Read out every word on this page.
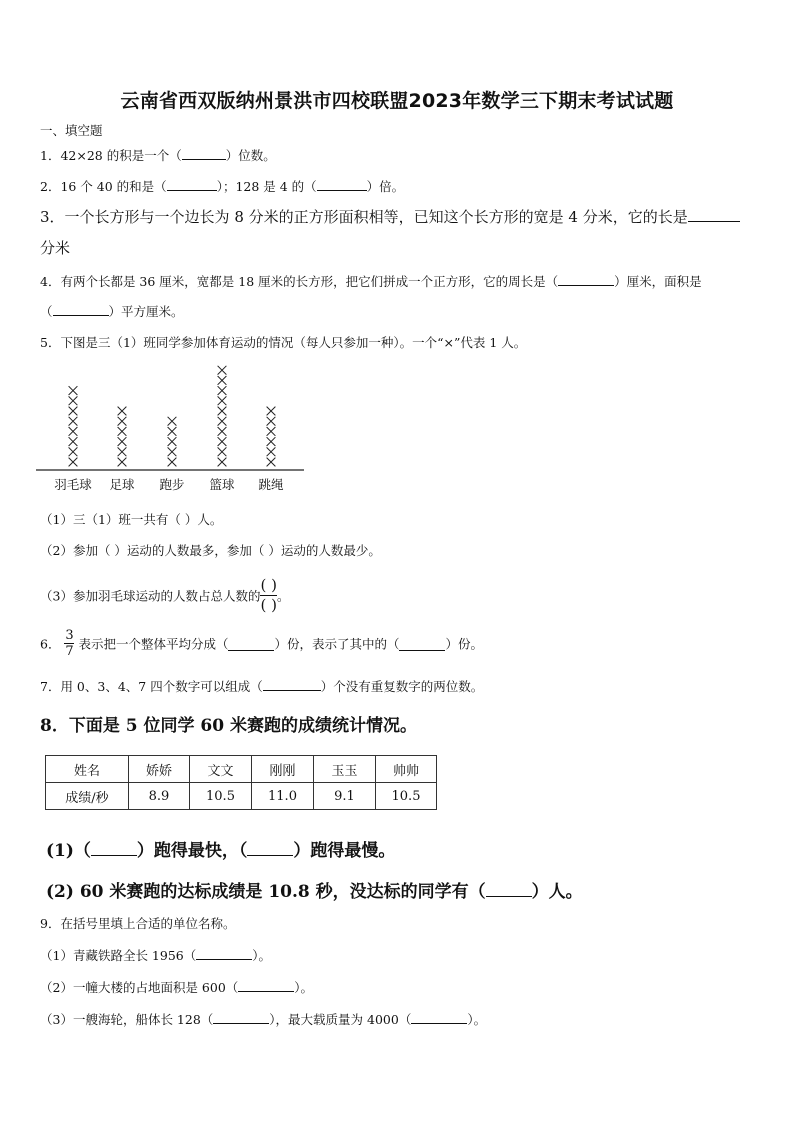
云南省西双版纳州景洪市四校联盟2023年数学三下期末考试试题
一、填空题
1．42×28 的积是一个（	）位数。
2．16 个 40 的和是（	）；128 是 4 的（	）倍。
3．一个长方形与一个边长为 8 分米的正方形面积相等，已知这个长方形的宽是 4 分米，它的长是
分米
4．有两个长都是 36 厘米，宽都是 18 厘米的长方形，把它们拼成一个正方形，它的周长是（	）厘米，面积是
（	）平方厘米。
5．下图是三（1）班同学参加体育运动的情况（每人只参加一种）。一个“×”代表 1 人。
羽毛球 足球 跑步 篮球 跳绳
（1）三（1）班一共有（ ）人。
（2）参加（ ）运动的人数最多，参加（ ）运动的人数最少。
（3）参加羽毛球运动的人数占总人数的 $\frac{( )}{( )}$ 。
6． $\frac{3}{7}$ 表示把一个整体平均分成（	）份，表示了其中的（	）份。
7．用 0、3、4、7 四个数字可以组成（	）个没有重复数字的两位数。
8．下面是 5 位同学 60 米赛跑的成绩统计情况。
姓名	娇娇	文文	刚刚	玉玉	帅帅
成绩/秒	8.9	10.5	11.0	9.1	10.5
(1)（	）跑得最快，（	）跑得最慢。
(2) 60 米赛跑的达标成绩是 10.8 秒，没达标的同学有（	）人。
9．在括号里填上合适的单位名称。
（1）青藏铁路全长 1956（	）。
（2）一幢大楼的占地面积是 600（	）。
（3）一艘海轮，船体长 128（	），最大载质量为 4000（	）。
